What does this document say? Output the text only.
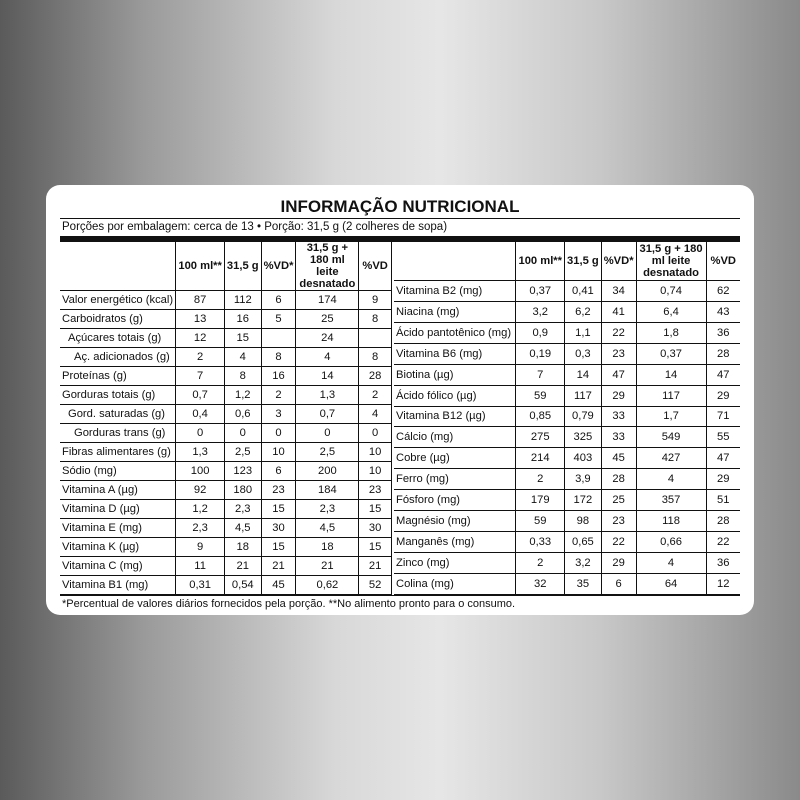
INFORMAÇÃO NUTRICIONAL
Porções por embalagem: cerca de 13 • Porção: 31,5 g (2 colheres de sopa)
	100 ml**	31,5 g	%VD*	31,5 g + 180 ml leite desnatado	%VD
Valor energético (kcal)	87	112	6	174	9
Carboidratos (g)	13	16	5	25	8
Açúcares totais (g)	12	15		24	
Aç. adicionados (g)	2	4	8	4	8
Proteínas (g)	7	8	16	14	28
Gorduras totais (g)	0,7	1,2	2	1,3	2
Gord. saturadas (g)	0,4	0,6	3	0,7	4
Gorduras trans (g)	0	0	0	0	0
Fibras alimentares (g)	1,3	2,5	10	2,5	10
Sódio (mg)	100	123	6	200	10
Vitamina A (µg)	92	180	23	184	23
Vitamina D (µg)	1,2	2,3	15	2,3	15
Vitamina E (mg)	2,3	4,5	30	4,5	30
Vitamina K (µg)	9	18	15	18	15
Vitamina C (mg)	11	21	21	21	21
Vitamina B1 (mg)	0,31	0,54	45	0,62	52
	100 ml**	31,5 g	%VD*	31,5 g + 180 ml leite desnatado	%VD
Vitamina B2 (mg)	0,37	0,41	34	0,74	62
Niacina (mg)	3,2	6,2	41	6,4	43
Ácido pantotênico (mg)	0,9	1,1	22	1,8	36
Vitamina B6 (mg)	0,19	0,3	23	0,37	28
Biotina (µg)	7	14	47	14	47
Ácido fólico (µg)	59	117	29	117	29
Vitamina B12 (µg)	0,85	0,79	33	1,7	71
Cálcio (mg)	275	325	33	549	55
Cobre (µg)	214	403	45	427	47
Ferro (mg)	2	3,9	28	4	29
Fósforo (mg)	179	172	25	357	51
Magnésio (mg)	59	98	23	118	28
Manganês (mg)	0,33	0,65	22	0,66	22
Zinco (mg)	2	3,2	29	4	36
Colina (mg)	32	35	6	64	12
*Percentual de valores diários fornecidos pela porção. **No alimento pronto para o consumo.
